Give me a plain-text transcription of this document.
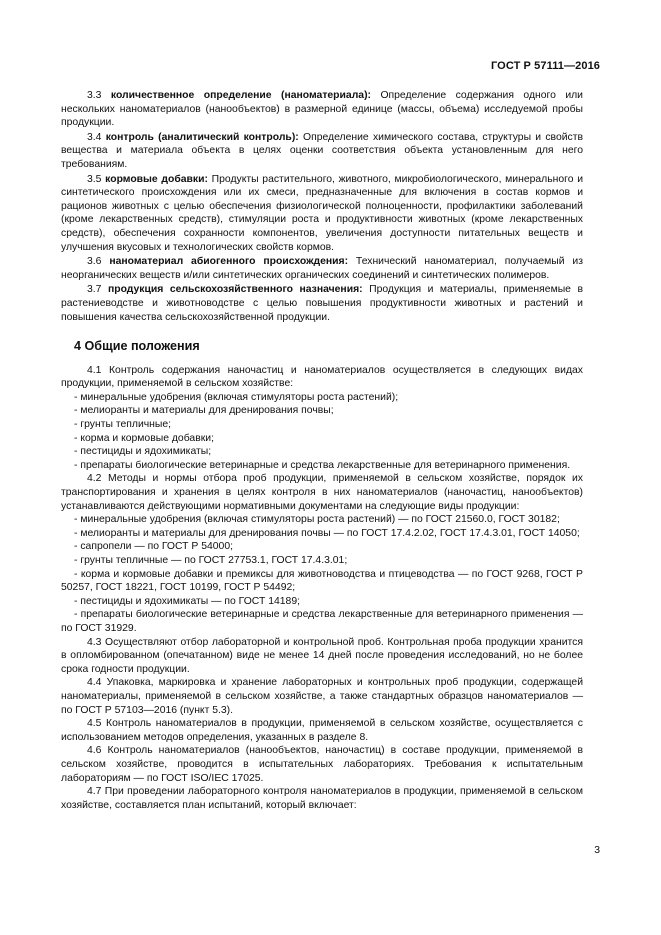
ГОСТ Р 57111—2016

3.3 количественное определение (наноматериала): Определение содержания одного или нескольких наноматериалов (нанообъектов) в размерной единице (массы, объема) исследуемой пробы продукции.

3.4 контроль (аналитический контроль): Определение химического состава, структуры и свойств вещества и материала объекта в целях оценки соответствия объекта установленным для него требованиям.

3.5 кормовые добавки: Продукты растительного, животного, микробиологического, минерального и синтетического происхождения или их смеси, предназначенные для включения в состав кормов и рационов животных с целью обеспечения физиологической полноценности, профилактики заболеваний (кроме лекарственных средств), стимуляции роста и продуктивности животных (кроме лекарственных средств), обеспечения сохранности компонентов, увеличения доступности питательных веществ и улучшения вкусовых и технологических свойств кормов.

3.6 наноматериал абиогенного происхождения: Технический наноматериал, получаемый из неорганических веществ и/или синтетических органических соединений и синтетических полимеров.

3.7 продукция сельскохозяйственного назначения: Продукция и материалы, применяемые в растениеводстве и животноводстве с целью повышения продуктивности животных и растений и повышения качества сельскохозяйственной продукции.

4 Общие положения

4.1 Контроль содержания наночастиц и наноматериалов осуществляется в следующих видах продукции, применяемой в сельском хозяйстве:

- минеральные удобрения (включая стимуляторы роста растений);

- мелиоранты и материалы для дренирования почвы;

- грунты тепличные;

- корма и кормовые добавки;

- пестициды и ядохимикаты;

- препараты биологические ветеринарные и средства лекарственные для ветеринарного применения.

4.2 Методы и нормы отбора проб продукции, применяемой в сельском хозяйстве, порядок их транспортирования и хранения в целях контроля в них наноматериалов (наночастиц, нанообъектов) устанавливаются действующими нормативными документами на следующие виды продукции:

- минеральные удобрения (включая стимуляторы роста растений) — по ГОСТ 21560.0, ГОСТ 30182;

- мелиоранты и материалы для дренирования почвы — по ГОСТ 17.4.2.02, ГОСТ 17.4.3.01, ГОСТ 14050;

- сапропели — по ГОСТ Р 54000;

- грунты тепличные — по ГОСТ 27753.1, ГОСТ 17.4.3.01;

- корма и кормовые добавки и премиксы для животноводства и птицеводства — по ГОСТ 9268, ГОСТ Р 50257, ГОСТ 18221, ГОСТ 10199, ГОСТ Р 54492;

- пестициды и ядохимикаты — по ГОСТ 14189;

- препараты биологические ветеринарные и средства лекарственные для ветеринарного применения — по ГОСТ 31929.

4.3 Осуществляют отбор лабораторной и контрольной проб. Контрольная проба продукции хранится в опломбированном (опечатанном) виде не менее 14 дней после проведения исследований, но не более срока годности продукции.

4.4 Упаковка, маркировка и хранение лабораторных и контрольных проб продукции, содержащей наноматериалы, применяемой в сельском хозяйстве, а также стандартных образцов наноматериалов — по ГОСТ Р 57103—2016 (пункт 5.3).

4.5 Контроль наноматериалов в продукции, применяемой в сельском хозяйстве, осуществляется с использованием методов определения, указанных в разделе 8.

4.6 Контроль наноматериалов (нанообъектов, наночастиц) в составе продукции, применяемой в сельском хозяйстве, проводится в испытательных лабораториях. Требования к испытательным лабораториям — по ГОСТ ISO/IEC 17025.

4.7 При проведении лабораторного контроля наноматериалов в продукции, применяемой в сельском хозяйстве, составляется план испытаний, который включает:

3
